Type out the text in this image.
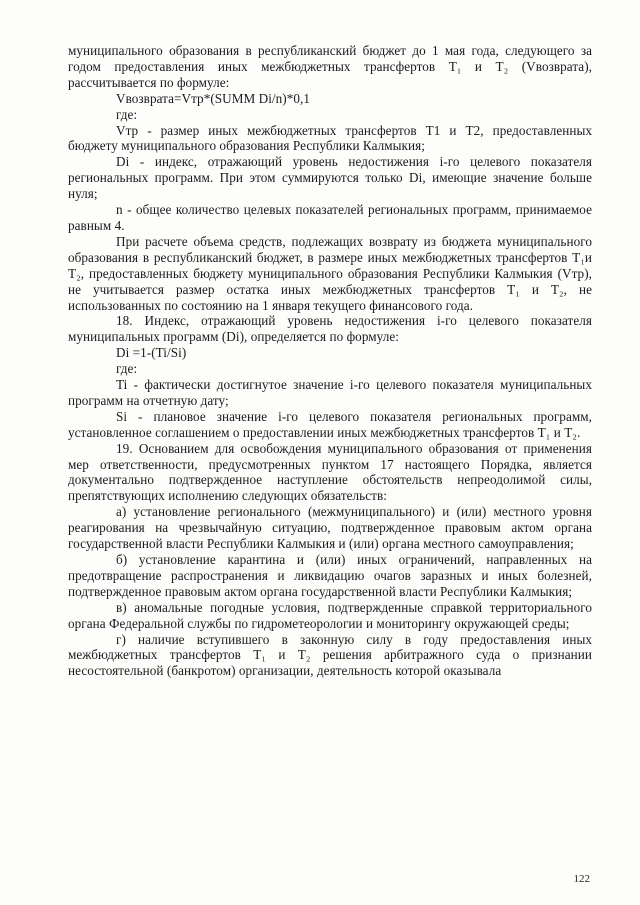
муниципального образования в республиканский бюджет до 1 мая года, следующего за годом предоставления иных межбюджетных трансфертов Т₁ и Т₂ (Vвозврата), рассчитывается по формуле:

Vвозврата=Vтр*(SUMM Di/n)*0,1

где:

Vтр - размер иных межбюджетных трансфертов Т1 и Т2, предоставленных бюджету муниципального образования Республики Калмыкия;

Di - индекс, отражающий уровень недостижения i-го целевого показателя региональных программ. При этом суммируются только Di, имеющие значение больше нуля;

n - общее количество целевых показателей региональных программ, принимаемое равным 4.

При расчете объема средств, подлежащих возврату из бюджета муниципального образования в республиканский бюджет, в размере иных межбюджетных трансфертов Т₁и Т₂, предоставленных бюджету муниципального образования Республики Калмыкия (Vтр), не учитывается размер остатка иных межбюджетных трансфертов Т₁ и Т₂, не использованных по состоянию на 1 января текущего финансового года.

18. Индекс, отражающий уровень недостижения i-го целевого показателя муниципальных программ (Di), определяется по формуле:

Di =1-(Ti/Si)

где:

Ti - фактически достигнутое значение i-го целевого показателя муниципальных программ на отчетную дату;

Si - плановое значение i-го целевого показателя региональных программ, установленное соглашением о предоставлении иных межбюджетных трансфертов Т₁ и Т₂.

19. Основанием для освобождения муниципального образования от применения мер ответственности, предусмотренных пунктом 17 настоящего Порядка, является документально подтвержденное наступление обстоятельств непреодолимой силы, препятствующих исполнению следующих обязательств:

а) установление регионального (межмуниципального) и (или) местного уровня реагирования на чрезвычайную ситуацию, подтвержденное правовым актом органа государственной власти Республики Калмыкия и (или) органа местного самоуправления;

б) установление карантина и (или) иных ограничений, направленных на предотвращение распространения и ликвидацию очагов заразных и иных болезней, подтвержденное правовым актом органа государственной власти Республики Калмыкия;

в) аномальные погодные условия, подтвержденные справкой территориального органа Федеральной службы по гидрометеорологии и мониторингу окружающей среды;

г) наличие вступившего в законную силу в году предоставления иных межбюджетных трансфертов Т₁ и Т₂ решения арбитражного суда о признании несостоятельной (банкротом) организации, деятельность которой оказывала

122
